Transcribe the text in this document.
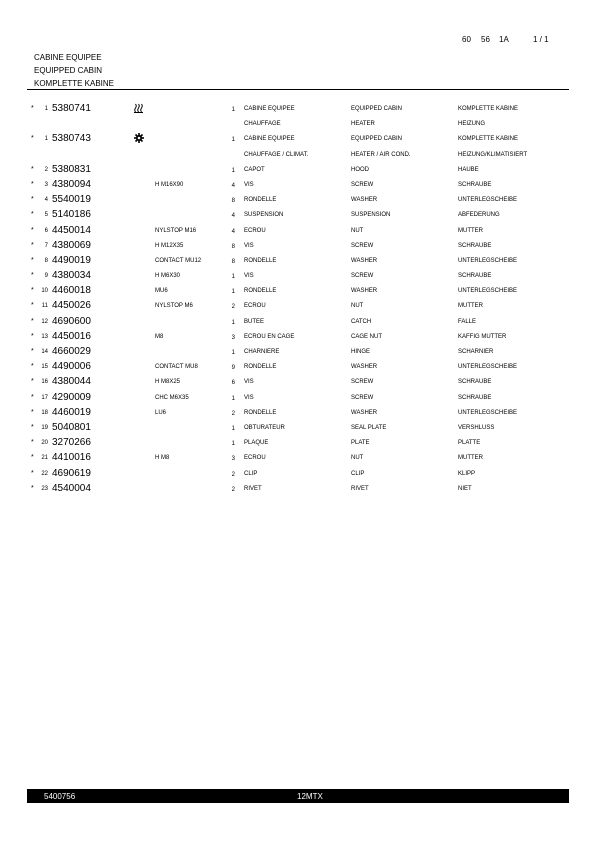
60 56 1A	1 / 1
CABINE EQUIPEE
EQUIPPED CABIN
KOMPLETTE KABINE
*	1 5380741	1 CABINE EQUIPEE	EQUIPPED CABIN	KOMPLETTE KABINE
CHAUFFAGE	HEATER	HEIZUNG
*	1 5380743	1 CABINE EQUIPEE	EQUIPPED CABIN	KOMPLETTE KABINE
CHAUFFAGE / CLIMAT.	HEATER / AIR COND.	HEIZUNG/KLIMATISIERT
*	2 5380831	1 CAPOT	HOOD	HAUBE
*	3 4380094	H M16X90	4 VIS	SCREW	SCHRAUBE
*	4 5540019	8 RONDELLE	WASHER	UNTERLEGSCHEIBE
*	5 5140186	4 SUSPENSION	SUSPENSION	ABFEDERUNG
*	6 4450014	NYLSTOP M16	4 ECROU	NUT	MUTTER
*	7 4380069	H M12X35	8 VIS	SCREW	SCHRAUBE
*	8 4490019	CONTACT MU12	8 RONDELLE	WASHER	UNTERLEGSCHEIBE
*	9 4380034	H M6X30	1 VIS	SCREW	SCHRAUBE
*	10 4460018	MU6	1 RONDELLE	WASHER	UNTERLEGSCHEIBE
*	11 4450026	NYLSTOP M6	2 ECROU	NUT	MUTTER
*	12 4690600	1 BUTEE	CATCH	FALLE
*	13 4450016	M8	3 ECROU EN CAGE	CAGE NUT	KAFFIG MUTTER
*	14 4660029	1 CHARNIERE	HINGE	SCHARNIER
*	15 4490006	CONTACT MU8	9 RONDELLE	WASHER	UNTERLEGSCHEIBE
*	16 4380044	H M8X25	6 VIS	SCREW	SCHRAUBE
*	17 4290009	CHC M6X35	1 VIS	SCREW	SCHRAUBE
*	18 4460019	LU6	2 RONDELLE	WASHER	UNTERLEGSCHEIBE
*	19 5040801	1 OBTURATEUR	SEAL PLATE	VERSHLUSS
*	20 3270266	1 PLAQUE	PLATE	PLATTE
*	21 4410016	H M8	3 ECROU	NUT	MUTTER
*	22 4690619	2 CLIP	CLIP	KLIPP
*	23 4540004	2 RIVET	RIVET	NIET
5400756	12MTX
